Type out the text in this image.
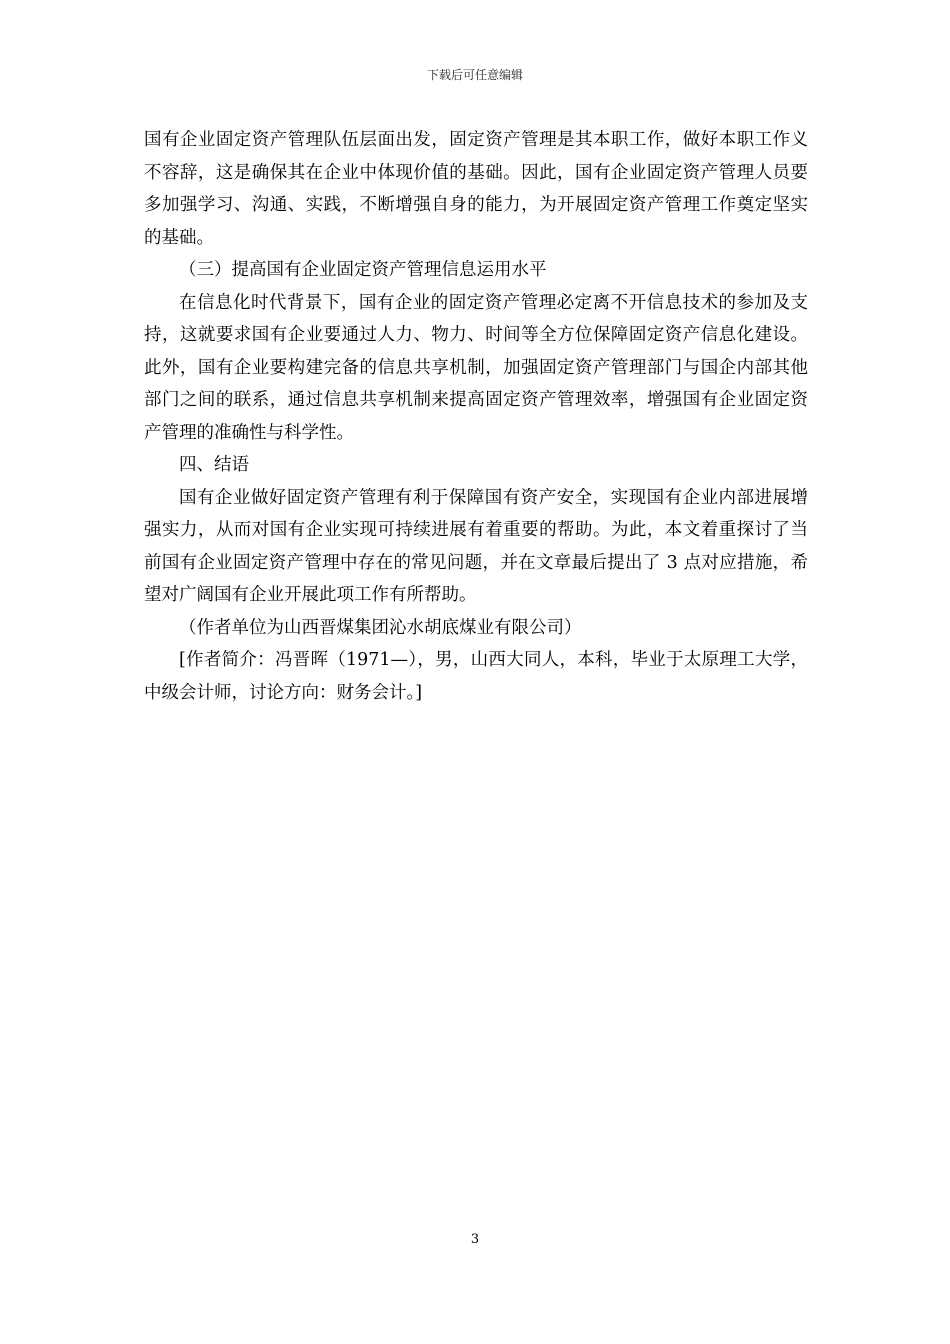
下载后可任意编辑

国有企业固定资产管理队伍层面出发，固定资产管理是其本职工作，做好本职工作义不容辞，这是确保其在企业中体现价值的基础。因此，国有企业固定资产管理人员要多加强学习、沟通、实践，不断增强自身的能力，为开展固定资产管理工作奠定坚实的基础。

（三）提高国有企业固定资产管理信息运用水平

在信息化时代背景下，国有企业的固定资产管理必定离不开信息技术的参加及支持，这就要求国有企业要通过人力、物力、时间等全方位保障固定资产信息化建设。此外，国有企业要构建完备的信息共享机制，加强固定资产管理部门与国企内部其他部门之间的联系，通过信息共享机制来提高固定资产管理效率，增强国有企业固定资产管理的准确性与科学性。

四、结语

国有企业做好固定资产管理有利于保障国有资产安全，实现国有企业内部进展增强实力，从而对国有企业实现可持续进展有着重要的帮助。为此，本文着重探讨了当前国有企业固定资产管理中存在的常见问题，并在文章最后提出了 3 点对应措施，希望对广阔国有企业开展此项工作有所帮助。

（作者单位为山西晋煤集团沁水胡底煤业有限公司）

[作者简介：冯晋晖（1971—），男，山西大同人，本科，毕业于太原理工大学，中级会计师，讨论方向：财务会计。]

3
